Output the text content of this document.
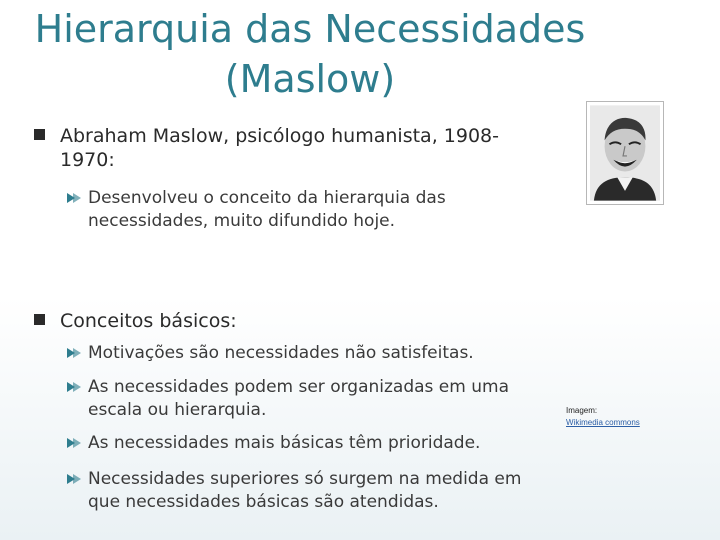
Hierarquia das Necessidades
(Maslow)
Abraham Maslow, psicólogo humanista, 1908-
1970:
Desenvolveu o conceito da hierarquia das
necessidades, muito difundido hoje.
Conceitos básicos:
Motivações são necessidades não satisfeitas.
As necessidades podem ser organizadas em uma
escala ou hierarquia.
As necessidades mais básicas têm prioridade.
Necessidades superiores só surgem na medida em
que necessidades básicas são atendidas.
Imagem:
Wikimedia commons
